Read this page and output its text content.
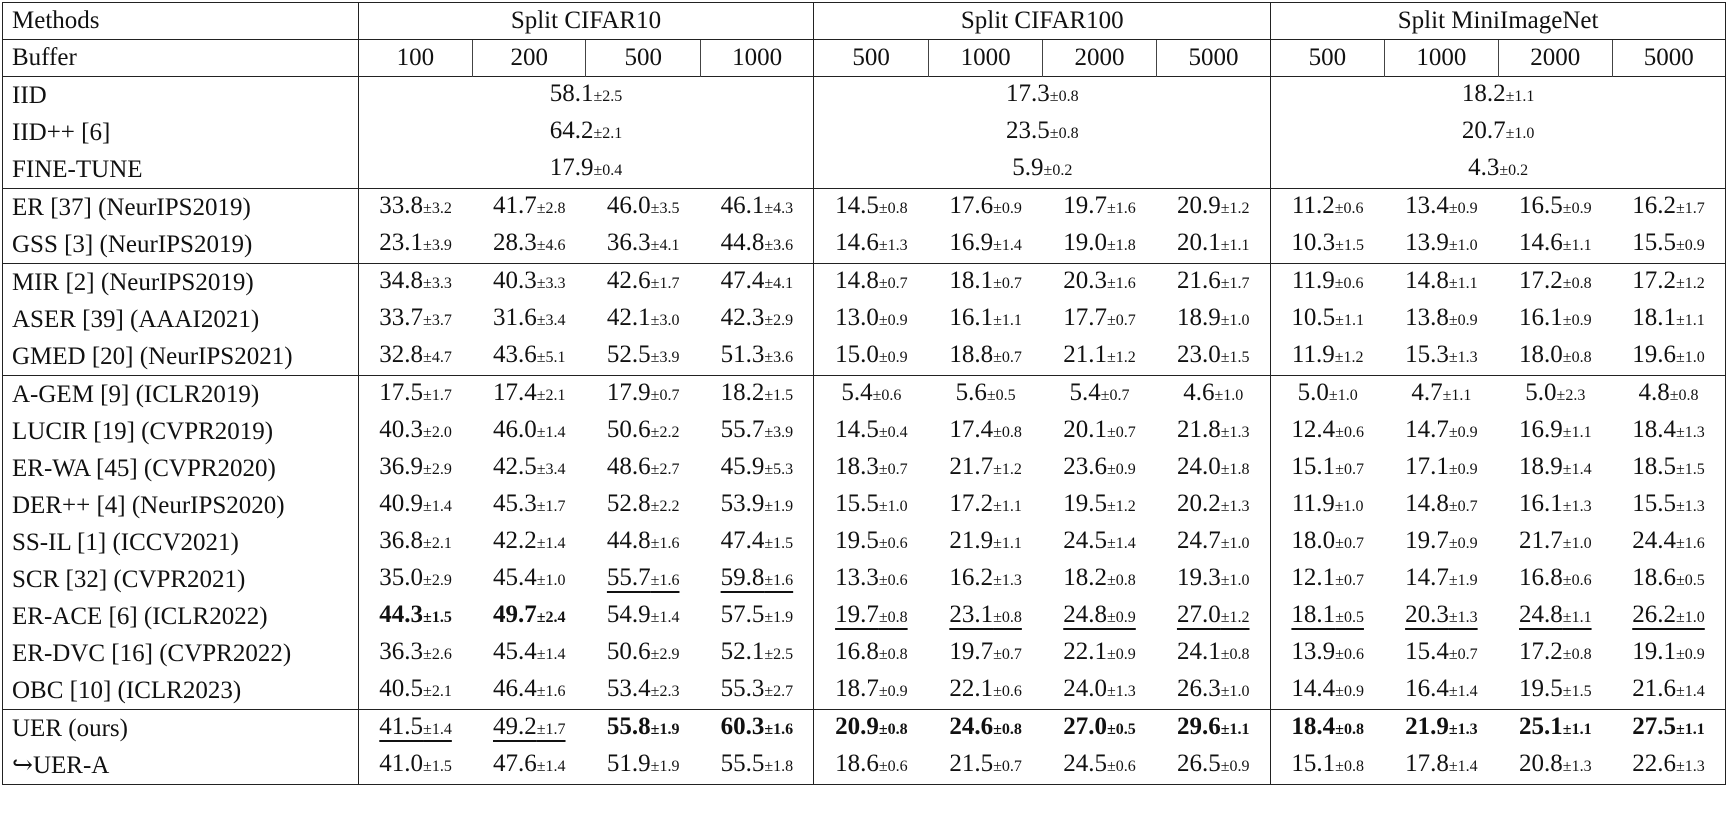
Methods	Split CIFAR10				Split CIFAR100				Split MiniImageNet			
Buffer	100	200	500	1000	500	1000	2000	5000	500	1000	2000	5000
IID	58.1±2.5				17.3±0.8				18.2±1.1			
IID++ [6]	64.2±2.1				23.5±0.8				20.7±1.0			
FINE-TUNE	17.9±0.4				5.9±0.2				4.3±0.2			
ER [37] (NeurIPS2019)	33.8±3.2	41.7±2.8	46.0±3.5	46.1±4.3	14.5±0.8	17.6±0.9	19.7±1.6	20.9±1.2	11.2±0.6	13.4±0.9	16.5±0.9	16.2±1.7
GSS [3] (NeurIPS2019)	23.1±3.9	28.3±4.6	36.3±4.1	44.8±3.6	14.6±1.3	16.9±1.4	19.0±1.8	20.1±1.1	10.3±1.5	13.9±1.0	14.6±1.1	15.5±0.9
MIR [2] (NeurIPS2019)	34.8±3.3	40.3±3.3	42.6±1.7	47.4±4.1	14.8±0.7	18.1±0.7	20.3±1.6	21.6±1.7	11.9±0.6	14.8±1.1	17.2±0.8	17.2±1.2
ASER [39] (AAAI2021)	33.7±3.7	31.6±3.4	42.1±3.0	42.3±2.9	13.0±0.9	16.1±1.1	17.7±0.7	18.9±1.0	10.5±1.1	13.8±0.9	16.1±0.9	18.1±1.1
GMED [20] (NeurIPS2021)	32.8±4.7	43.6±5.1	52.5±3.9	51.3±3.6	15.0±0.9	18.8±0.7	21.1±1.2	23.0±1.5	11.9±1.2	15.3±1.3	18.0±0.8	19.6±1.0
A-GEM [9] (ICLR2019)	17.5±1.7	17.4±2.1	17.9±0.7	18.2±1.5	5.4±0.6	5.6±0.5	5.4±0.7	4.6±1.0	5.0±1.0	4.7±1.1	5.0±2.3	4.8±0.8
LUCIR [19] (CVPR2019)	40.3±2.0	46.0±1.4	50.6±2.2	55.7±3.9	14.5±0.4	17.4±0.8	20.1±0.7	21.8±1.3	12.4±0.6	14.7±0.9	16.9±1.1	18.4±1.3
ER-WA [45] (CVPR2020)	36.9±2.9	42.5±3.4	48.6±2.7	45.9±5.3	18.3±0.7	21.7±1.2	23.6±0.9	24.0±1.8	15.1±0.7	17.1±0.9	18.9±1.4	18.5±1.5
DER++ [4] (NeurIPS2020)	40.9±1.4	45.3±1.7	52.8±2.2	53.9±1.9	15.5±1.0	17.2±1.1	19.5±1.2	20.2±1.3	11.9±1.0	14.8±0.7	16.1±1.3	15.5±1.3
SS-IL [1] (ICCV2021)	36.8±2.1	42.2±1.4	44.8±1.6	47.4±1.5	19.5±0.6	21.9±1.1	24.5±1.4	24.7±1.0	18.0±0.7	19.7±0.9	21.7±1.0	24.4±1.6
SCR [32] (CVPR2021)	35.0±2.9	45.4±1.0	55.7±1.6	59.8±1.6	13.3±0.6	16.2±1.3	18.2±0.8	19.3±1.0	12.1±0.7	14.7±1.9	16.8±0.6	18.6±0.5
ER-ACE [6] (ICLR2022)	44.3±1.5	49.7±2.4	54.9±1.4	57.5±1.9	19.7±0.8	23.1±0.8	24.8±0.9	27.0±1.2	18.1±0.5	20.3±1.3	24.8±1.1	26.2±1.0
ER-DVC [16] (CVPR2022)	36.3±2.6	45.4±1.4	50.6±2.9	52.1±2.5	16.8±0.8	19.7±0.7	22.1±0.9	24.1±0.8	13.9±0.6	15.4±0.7	17.2±0.8	19.1±0.9
OBC [10] (ICLR2023)	40.5±2.1	46.4±1.6	53.4±2.3	55.3±2.7	18.7±0.9	22.1±0.6	24.0±1.3	26.3±1.0	14.4±0.9	16.4±1.4	19.5±1.5	21.6±1.4
UER (ours)	41.5±1.4	49.2±1.7	55.8±1.9	60.3±1.6	20.9±0.8	24.6±0.8	27.0±0.5	29.6±1.1	18.4±0.8	21.9±1.3	25.1±1.1	27.5±1.1
↪UER-A	41.0±1.5	47.6±1.4	51.9±1.9	55.5±1.8	18.6±0.6	21.5±0.7	24.5±0.6	26.5±0.9	15.1±0.8	17.8±1.4	20.8±1.3	22.6±1.3
